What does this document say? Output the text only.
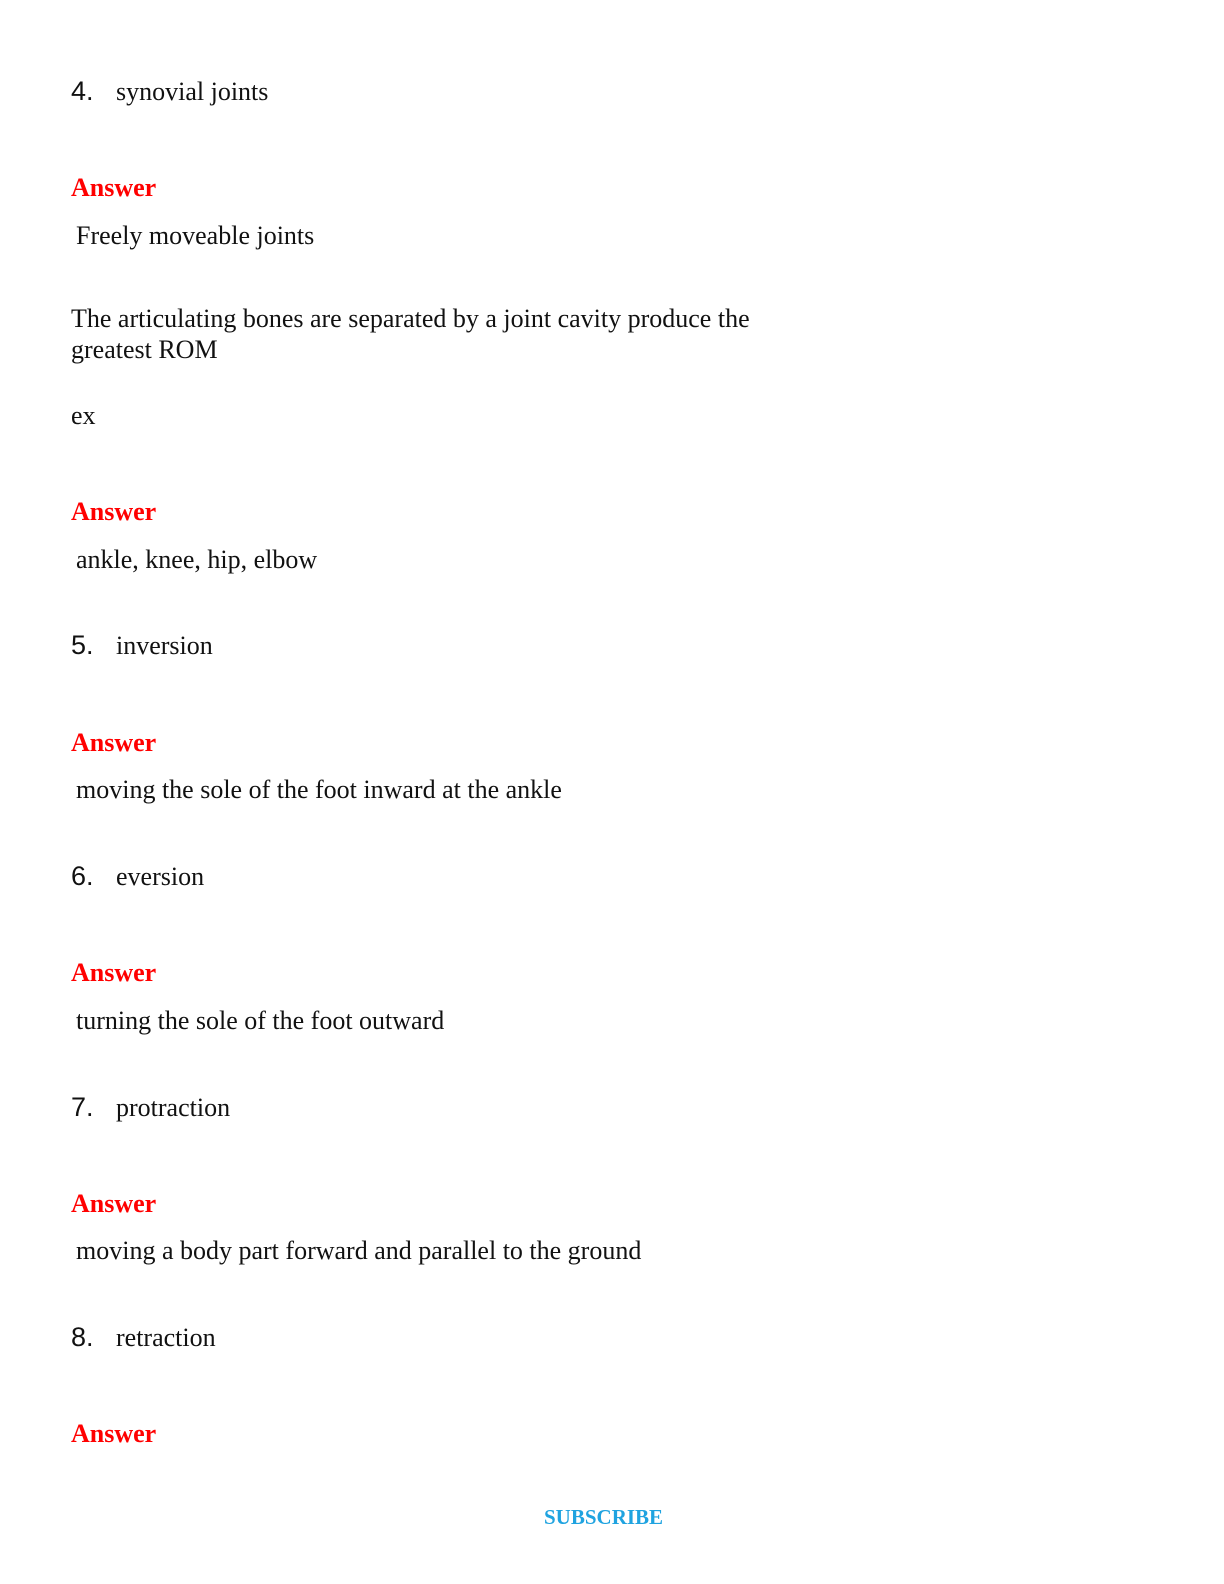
4. synovial joints
Answer
Freely moveable joints
The articulating bones are separated by a joint cavity produce the greatest ROM
ex
Answer
ankle, knee, hip, elbow
5. inversion
Answer
moving the sole of the foot inward at the ankle
6. eversion
Answer
turning the sole of the foot outward
7. protraction
Answer
moving a body part forward and parallel to the ground
8. retraction
Answer
SUBSCRIBE
